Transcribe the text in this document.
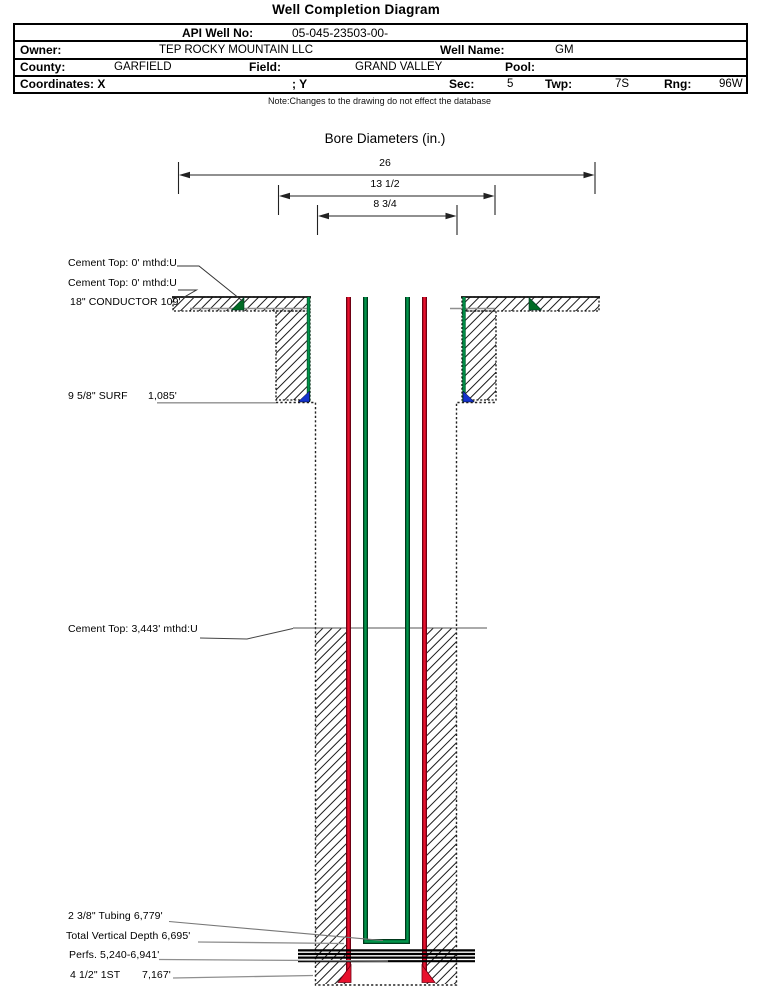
Well Completion Diagram
API Well No:	05-045-23503-00-
Owner:	TEP ROCKY MOUNTAIN LLC	Well Name:	GM
County:	GARFIELD	Field:	GRAND VALLEY	Pool:
Coordinates: X	; Y	Sec:	5	Twp:	7S	Rng: 96W
Note:Changes to the drawing do not effect the database
Bore Diameters (in.)
26
13 1/2
8 3/4
Cement Top: 0' mthd:U
Cement Top: 0' mthd:U
18" CONDUCTOR 109'
9 5/8" SURF 1,085'
Cement Top: 3,443' mthd:U
2 3/8" Tubing 6,779'
Total Vertical Depth 6,695'
Perfs. 5,240-6,941'
4 1/2" 1ST 7,167'
